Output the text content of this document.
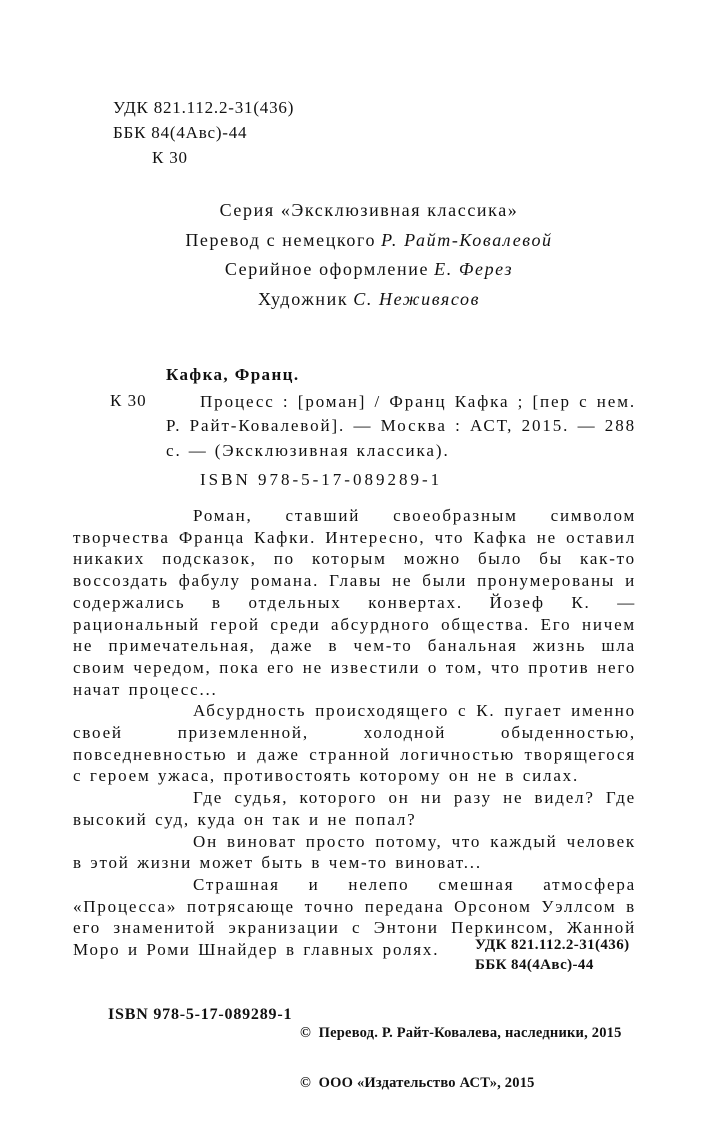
УДК 821.112.2-31(436)
ББК 84(4Авс)-44
К 30
Серия «Эксклюзивная классика»
Перевод с немецкого Р. Райт-Ковалевой
Серийное оформление Е. Ферез
Художник С. Неживясов
Кафка, Франц.
К 30	Процесс : [роман] / Франц Кафка ; [пер с нем. Р. Райт-Ковалевой]. — Москва : АСТ, 2015. — 288 с. — (Эксклюзивная классика).
ISBN 978-5-17-089289-1

Роман, ставший своеобразным символом творчества Франца Кафки. Интересно, что Кафка не оставил никаких подсказок, по которым можно было бы как-то воссоздать фабулу романа. Главы не были пронумерованы и содержались в отдельных конвертах. Йозеф К. — рациональный герой среди абсурдного общества. Его ничем не примечательная, даже в чем-то банальная жизнь шла своим чередом, пока его не известили о том, что против него начат процесс...

Абсурдность происходящего с К. пугает именно своей приземленной, холодной обыденностью, повседневностью и даже странной логичностью творящегося с героем ужаса, противостоять которому он не в силах.

Где судья, которого он ни разу не видел? Где высокий суд, куда он так и не попал?

Он виноват просто потому, что каждый человек в этой жизни может быть в чем-то виноват...

Страшная и нелепо смешная атмосфера «Процесса» потрясающе точно передана Орсоном Уэллсом в его знаменитой экранизации с Энтони Перкинсом, Жанной Моро и Роми Шнайдер в главных ролях.	УДК 821.112.2-31(436)
ББК 84(4Авс)-44
ISBN 978-5-17-089289-1

©  Перевод. Р. Райт-Ковалева, наследники, 2015

©  ООО «Издательство АСТ», 2015
